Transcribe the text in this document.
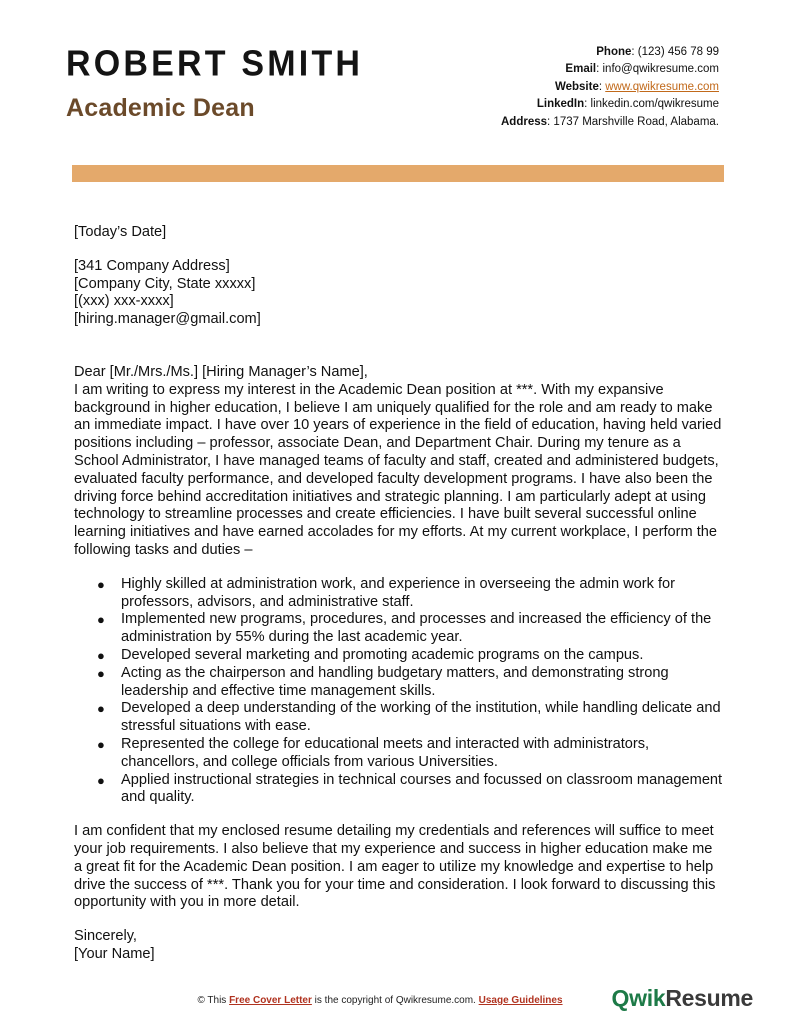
ROBERT SMITH
Academic Dean
Phone: (123) 456 78 99
Email: info@qwikresume.com
Website: www.qwikresume.com
LinkedIn: linkedin.com/qwikresume
Address: 1737 Marshville Road, Alabama.
[Today’s Date]
[341 Company Address]
[Company City, State xxxxx]
[(xxx) xxx-xxxx]
[hiring.manager@gmail.com]
Dear [Mr./Mrs./Ms.] [Hiring Manager’s Name],

I am writing to express my interest in the Academic Dean position at ***. With my expansive background in higher education, I believe I am uniquely qualified for the role and am ready to make an immediate impact. I have over 10 years of experience in the field of education, having held varied positions including – professor, associate Dean, and Department Chair. During my tenure as a School Administrator, I have managed teams of faculty and staff, created and administered budgets, evaluated faculty performance, and developed faculty development programs. I have also been the driving force behind accreditation initiatives and strategic planning. I am particularly adept at using technology to streamline processes and create efficiencies. I have built several successful online learning initiatives and have earned accolades for my efforts. At my current workplace, I perform the following tasks and duties –

● Highly skilled at administration work, and experience in overseeing the admin work for professors, advisors, and administrative staff.
● Implemented new programs, procedures, and processes and increased the efficiency of the administration by 55% during the last academic year.
● Developed several marketing and promoting academic programs on the campus.
● Acting as the chairperson and handling budgetary matters, and demonstrating strong leadership and effective time management skills.
● Developed a deep understanding of the working of the institution, while handling delicate and stressful situations with ease.
● Represented the college for educational meets and interacted with administrators, chancellors, and college officials from various Universities.
● Applied instructional strategies in technical courses and focussed on classroom management and quality.

I am confident that my enclosed resume detailing my credentials and references will suffice to meet your job requirements. I also believe that my experience and success in higher education make me a great fit for the Academic Dean position. I am eager to utilize my knowledge and expertise to help drive the success of ***. Thank you for your time and consideration. I look forward to discussing this opportunity with you in more detail.

Sincerely,
[Your Name]
© This Free Cover Letter is the copyright of Qwikresume.com. Usage Guidelines	QwikResume
